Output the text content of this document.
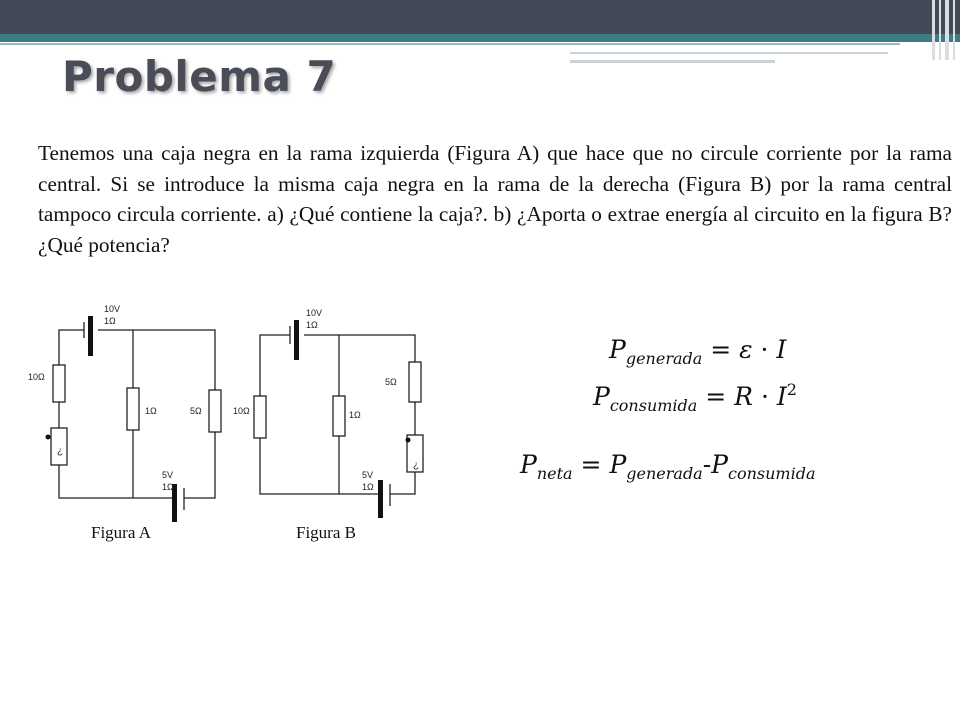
Problema 7

Tenemos una caja negra en la rama izquierda (Figura A) que hace que no circule corriente por la rama central. Si se introduce la misma caja negra en la rama de la derecha (Figura B) por la rama central tampoco circula corriente. a) ¿Qué contiene la caja?. b) ¿Aporta o extrae energía al circuito en la figura B? ¿Qué potencia?

10V
1Ω
10Ω
1Ω	5Ω
¿
5V
1Ω
10V
1Ω
10Ω	1Ω
5Ω
¿
5V
1Ω
Figura A	Figura B
$P_{generada} = \varepsilon \cdot I$
$P_{consumida} = R \cdot I^2$
$P_{neta} = P_{generada}-P_{consumida}$
